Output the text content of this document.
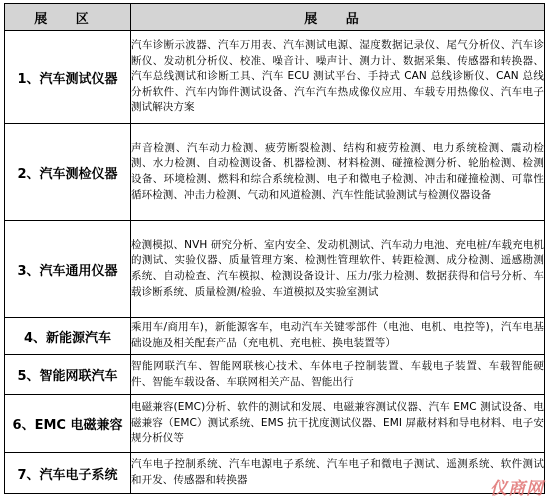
展 区	展 品
1、汽车测试仪器	汽车诊断示波器、汽车万用表、汽车测试电源、湿度数据记录仪、尾气分析仪、汽车诊断仪、发动机分析仪、校准、噪音计、噪声计、测力计、数据采集、传感器和转换器、汽车总线测试和诊断工具、汽车 ECU 测试平台、手持式 CAN 总线诊断仪、CAN 总线分析软件、汽车内饰件测试设备、汽车汽车热成像仪应用、车载专用热像仪、汽车电子测试解决方案
2、汽车测检仪器	声音检测、汽车动力检测、疲劳断裂检测、结构和疲劳检测、电力系统检测、震动检测、水力检测、自动检测设备、机器检测、材料检测、碰撞检测分析、轮胎检测、检测设备、环境检测、燃料和综合系统检测、电子和微电子检测、冲击和碰撞检测、可靠性循环检测、冲击力检测、气动和风道检测、汽车性能试验测试与检测仪器设备
3、汽车通用仪器	检测模拟、NVH 研究分析、室内安全、发动机测试、汽车动力电池、充电桩/车载充电机的测试、实验仪器、质量管理方案、检测性管理软件、转距检测、成分检测、遥感勘测系统、自动检查、汽车模拟、检测设备设计、压力/张力检测、数据获得和信号分析、车载诊断系统、质量检测/检验、车道模拟及实验室测试
4、新能源汽车	乘用车/商用车)，新能源客车，电动汽车关键零部件（电池、电机、电控等)，汽车电基础设施及相关配套产品（充电机、充电桩、换电装置等）
5、智能网联汽车	智能网联汽车、智能网联核心技术、车体电子控制装置、车载电子装置、车载智能硬件、智能车载设备、车联网相关产品、智能出行
6、EMC 电磁兼容	电磁兼容(EMC)分析、软件的测试和发展、电磁兼容测试仪器、汽车 EMC 测试设备、电磁兼容（EMC）测试系统、EMS 抗干扰度测试仪器、EMI 屏蔽材料和导电材料、电子安规分析仪等
7、汽车电子系统	汽车电子控制系统、汽车电源电子系统、汽车电子和微电子测试、遥测系统、软件测试和开发、传感器和转换器	仪商网
